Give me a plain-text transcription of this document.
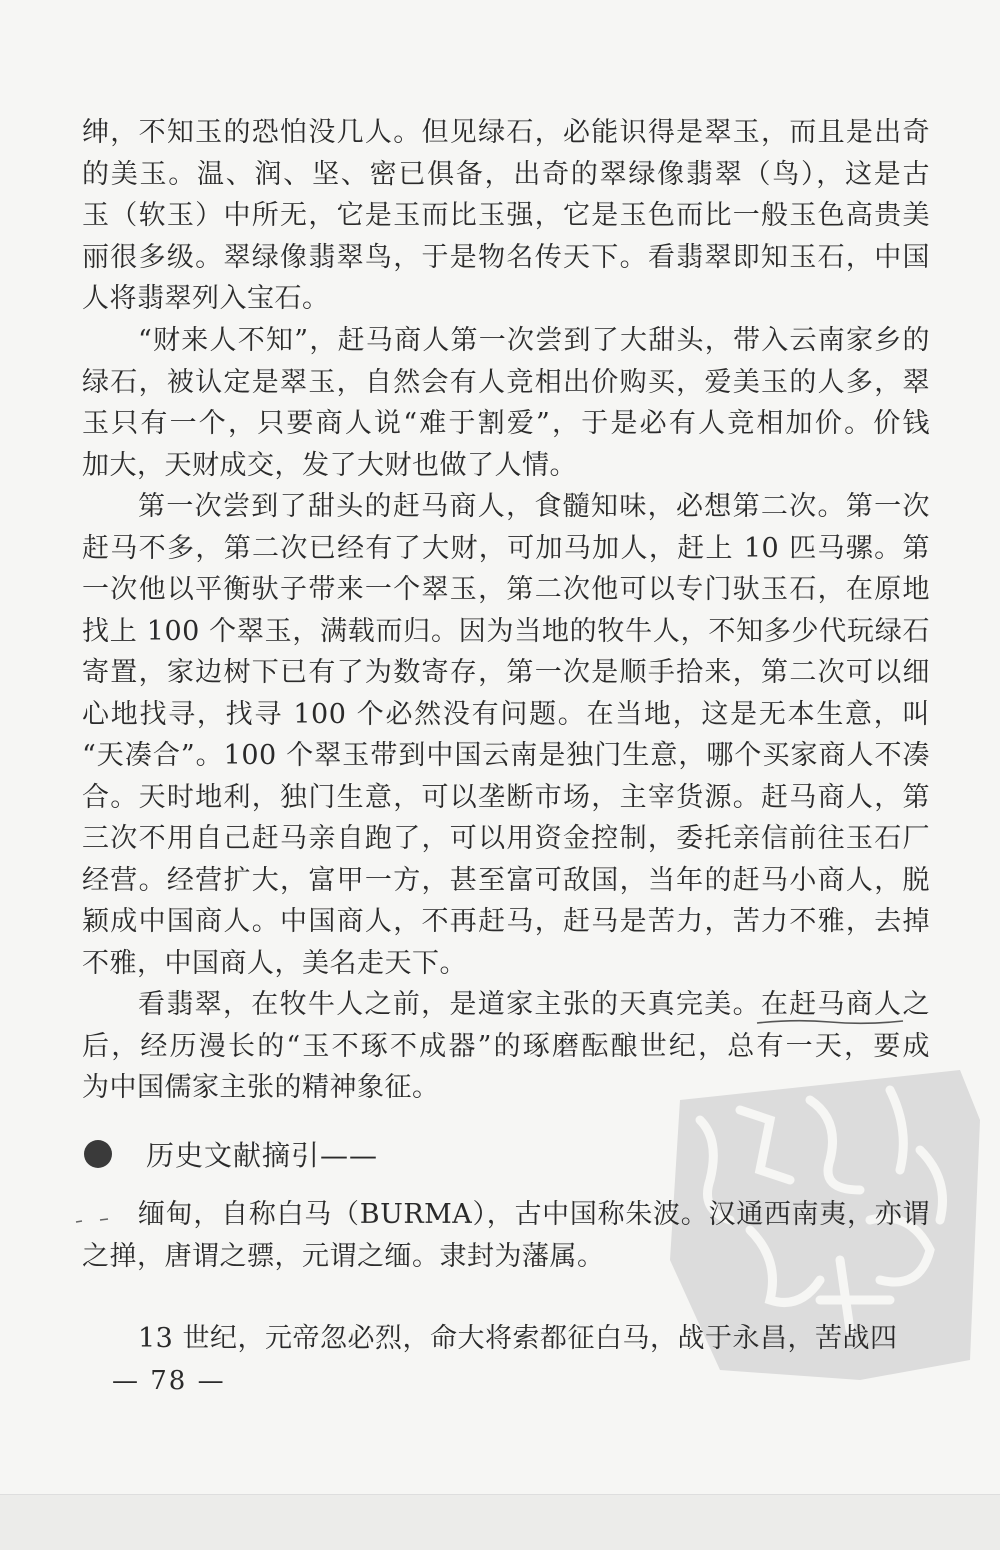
绅，不知玉的恐怕没几人。但见绿石，必能识得是翠玉，而且是出奇
的美玉。温、润、坚、密已俱备，出奇的翠绿像翡翠（鸟），这是古
玉（软玉）中所无，它是玉而比玉强，它是玉色而比一般玉色高贵美
丽很多级。翠绿像翡翠鸟，于是物名传天下。看翡翠即知玉石，中国
人将翡翠列入宝石。
“财来人不知”，赶马商人第一次尝到了大甜头，带入云南家乡的
绿石，被认定是翠玉，自然会有人竞相出价购买，爱美玉的人多，翠
玉只有一个，只要商人说“难于割爱”，于是必有人竞相加价。价钱
加大，天财成交，发了大财也做了人情。
第一次尝到了甜头的赶马商人，食髓知味，必想第二次。第一次
赶马不多，第二次已经有了大财，可加马加人，赶上 10 匹马骡。第
一次他以平衡驮子带来一个翠玉，第二次他可以专门驮玉石，在原地
找上 100 个翠玉，满载而归。因为当地的牧牛人，不知多少代玩绿石
寄置，家边树下已有了为数寄存，第一次是顺手拾来，第二次可以细
心地找寻，找寻 100 个必然没有问题。在当地，这是无本生意，叫
“天凑合”。100 个翠玉带到中国云南是独门生意，哪个买家商人不凑
合。天时地利，独门生意，可以垄断市场，主宰货源。赶马商人，第
三次不用自己赶马亲自跑了，可以用资金控制，委托亲信前往玉石厂
经营。经营扩大，富甲一方，甚至富可敌国，当年的赶马小商人，脱
颖成中国商人。中国商人，不再赶马，赶马是苦力，苦力不雅，去掉
不雅，中国商人，美名走天下。
看翡翠，在牧牛人之前，是道家主张的天真完美。在赶马商人之
后，经历漫长的“玉不琢不成器”的琢磨酝酿世纪，总有一天，要成
为中国儒家主张的精神象征。
历史文献摘引——
缅甸，自称白马（BURMA），古中国称朱波。汉通西南夷，亦谓
之掸，唐谓之骠，元谓之缅。隶封为藩属。
13 世纪，元帝忽必烈，命大将索都征白马，战于永昌，苦战四
— 78 —
